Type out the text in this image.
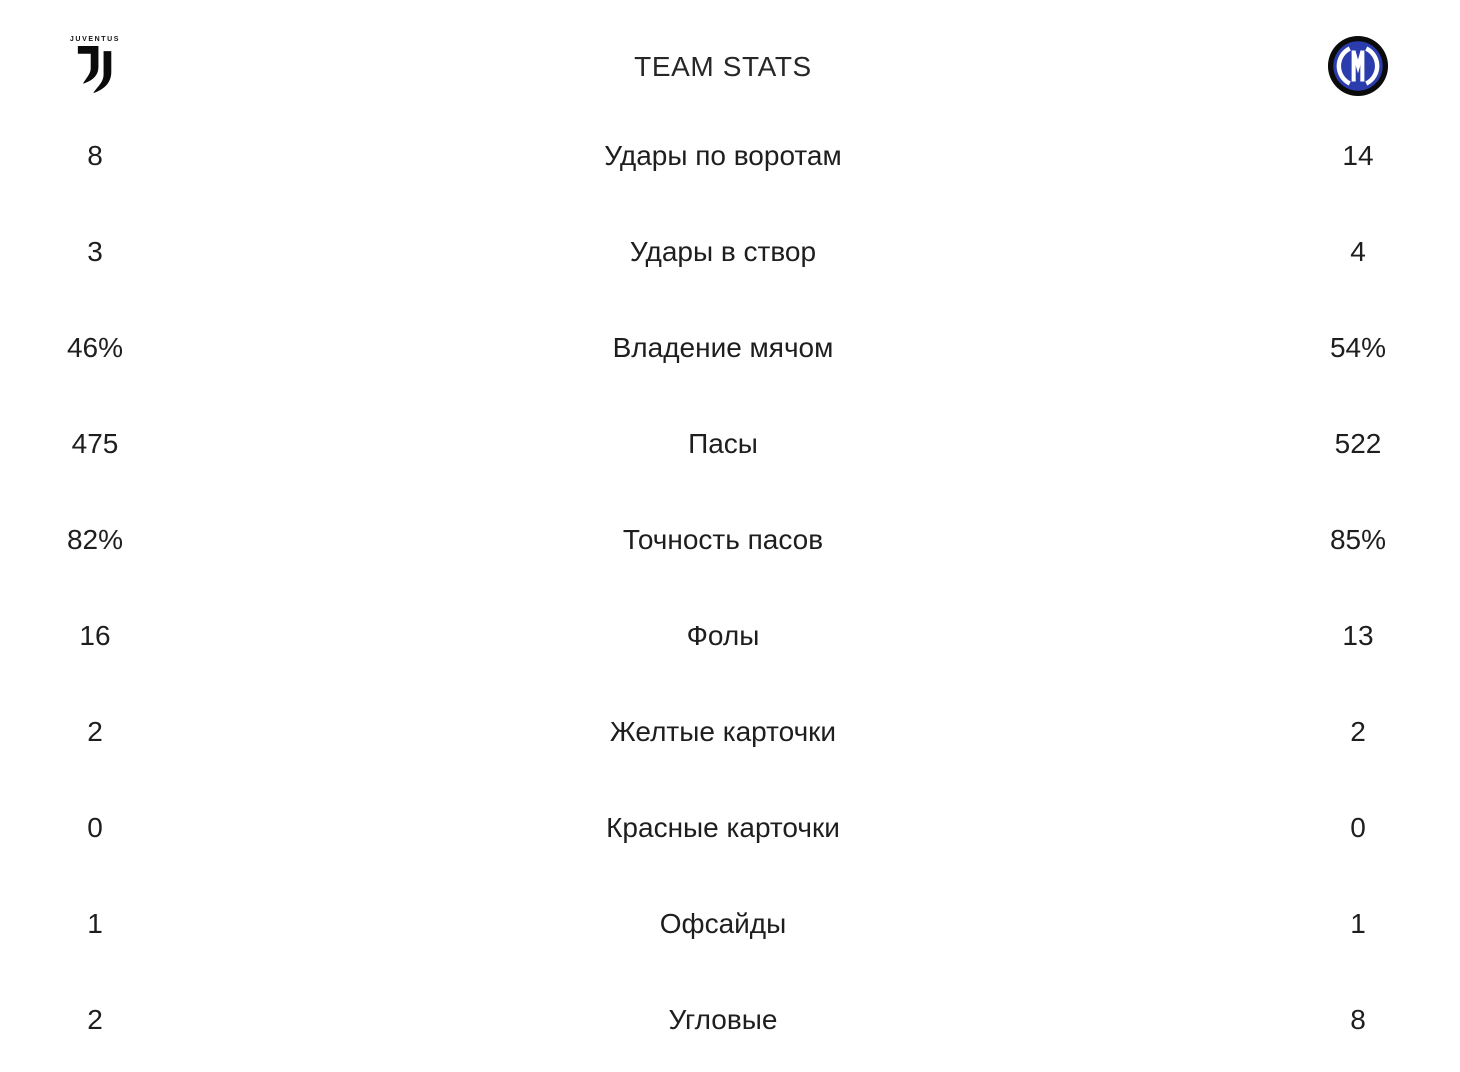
JUVENTUS
TEAM STATS
8	Удары по воротам	14
3	Удары в створ	4
46%	Владение мячом	54%
475	Пасы	522
82%	Точность пасов	85%
16	Фолы	13
2	Желтые карточки	2
0	Красные карточки	0
1	Офсайды	1
2	Угловые	8
